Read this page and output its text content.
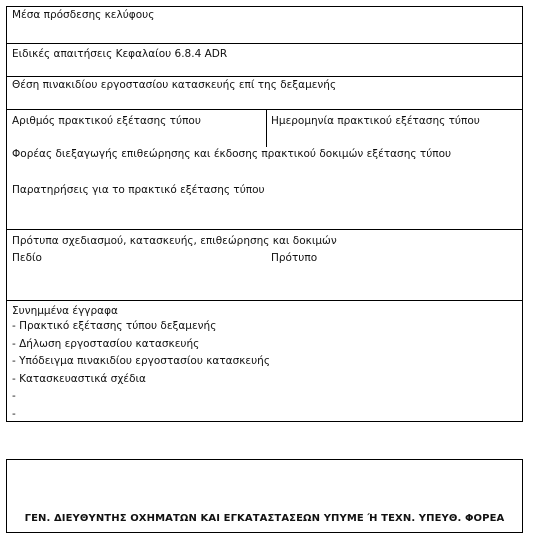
Μέσα πρόσδεσης κελύφους
Ειδικές απαιτήσεις Κεφαλαίου 6.8.4 ADR
Θέση πινακιδίου εργοστασίου κατασκευής επί της δεξαμενής
Αριθμός πρακτικού εξέτασης τύπου	Ημερομηνία πρακτικού εξέτασης τύπου
Φορέας διεξαγωγής επιθεώρησης και έκδοσης πρακτικού δοκιμών εξέτασης τύπου
Παρατηρήσεις για το πρακτικό εξέτασης τύπου
Πρότυπα σχεδιασμού, κατασκευής, επιθεώρησης και δοκιμών
Πεδίο	Πρότυπο
Συνημμένα έγγραφα
- Πρακτικό εξέτασης τύπου δεξαμενής
- Δήλωση εργοστασίου κατασκευής
- Υπόδειγμα πινακιδίου εργοστασίου κατασκευής
- Κατασκευαστικά σχέδια
-
-
ΓΕΝ. ΔΙΕΥΘΥΝΤΗΣ ΟΧΗΜΑΤΩΝ ΚΑΙ ΕΓΚΑΤΑΣΤΑΣΕΩΝ ΥΠΥΜΕ Ή ΤΕΧΝ. ΥΠΕΥΘ. ΦΟΡΕΑ
